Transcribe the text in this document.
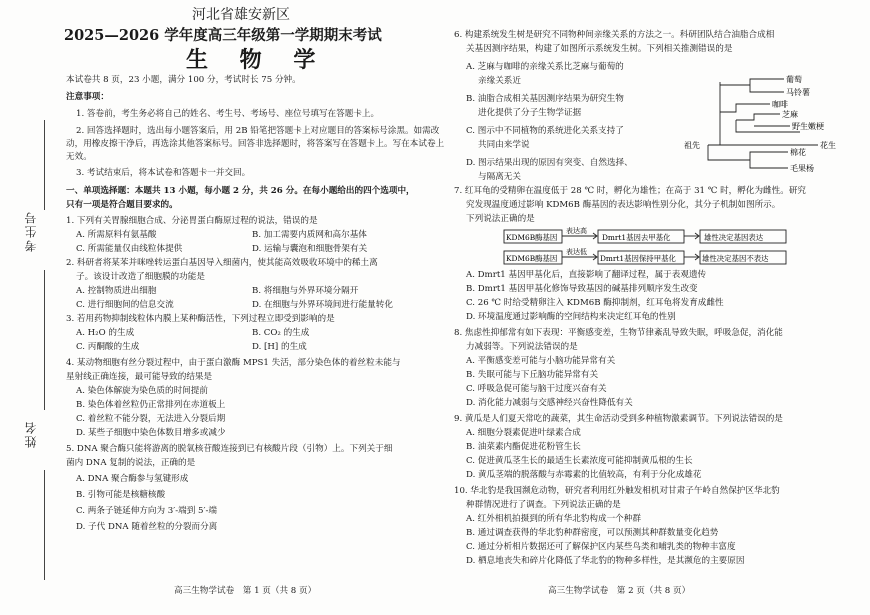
考生号
姓名
河北省雄安新区
2025—2026 学年度高三年级第一学期期末考试
生 物 学
本试卷共 8 页，23 小题，满分 100 分，考试时长 75 分钟。
注意事项：
1. 答卷前，考生务必将自己的姓名、考生号、考场号、座位号填写在答题卡上。
2. 回答选择题时，选出每小题答案后，用 2B 铅笔把答题卡上对应题目的答案标号涂黑。如需改
动，用橡皮擦干净后，再选涂其他答案标号。回答非选择题时，将答案写在答题卡上。写在本试卷上
无效。
3. 考试结束后，将本试卷和答题卡一并交回。
一、单项选择题：本题共 13 小题，每小题 2 分，共 26 分。在每小题给出的四个选项中，
只有一项是符合题目要求的。
1. 下列有关胃腺细胞合成、分泌胃蛋白酶原过程的说法，错误的是
A. 所需原料有氨基酸	B. 加工需要内质网和高尔基体
C. 所需能量仅由线粒体提供	D. 运输与囊泡和细胞骨架有关
2. 科研者将某苯并咪唑转运蛋白基因导入细菌内，使其能高效吸收环境中的稀土离
子。该设计改造了细胞膜的功能是
A. 控制物质进出细胞	B. 将细胞与外界环境分隔开
C. 进行细胞间的信息交流	D. 在细胞与外界环境间进行能量转化
3. 若用药物抑制线粒体内膜上某种酶活性，下列过程立即受到影响的是
A. H₂O 的生成	B. CO₂ 的生成
C. 丙酮酸的生成	D. [H] 的生成
4. 某动物细胞有丝分裂过程中，由于蛋白激酶 MPS1 失活，部分染色体的着丝粒未能与
星射线正确连接，最可能导致的结果是
A. 染色体解旋为染色质的时间提前
B. 染色体着丝粒仍正常排列在赤道板上
C. 着丝粒不能分裂，无法进入分裂后期
D. 某些子细胞中染色体数目增多或减少
5. DNA 聚合酶只能将游离的脱氧核苷酸连接到已有核酸片段（引物）上。下列关于细
菌内 DNA 复制的说法，正确的是
A. DNA 聚合酶参与氢键形成
B. 引物可能是核糖核酸
C. 两条子链延伸方向为 3′-端到 5′-端
D. 子代 DNA 随着丝粒的分裂而分离
高三生物学试卷　第 1 页（共 8 页）
6. 构建系统发生树是研究不同物种间亲缘关系的方法之一。科研团队结合油脂合成相
关基因测序结果，构建了如图所示系统发生树。下列相关推测错误的是
A. 芝麻与咖啡的亲缘关系比芝麻与葡萄的
亲缘关系近
B. 油脂合成相关基因测序结果为研究生物
进化提供了分子生物学证据
C. 图示中不同植物的系统进化关系支持了
共同由来学说
D. 图示结果出现的原因有突变、自然选择、
与隔离无关
葡萄
马铃薯
咖啡
芝麻
野生嫩梗
花生
棉花
毛果杨
祖先
7. 红耳龟的受精卵在温度低于 28 ℃ 时，孵化为雄性；在高于 31 ℃ 时，孵化为雌性。研究
究发现温度通过影响 KDM6B 酶基因的表达影响性别分化，其分子机制如图所示。
下列说法正确的是
KDM6B酶基因
KDM6B酶基因
表达高
表达低
Dmrt1基因去甲基化
Dmrt1基因保持甲基化
雄性决定基因表达
雄性决定基因不表达
A. Dmrt1 基因甲基化后，直接影响了翻译过程，属于表观遗传
B. Dmrt1 基因甲基化修饰导致基因的碱基排列顺序发生改变
C. 26 ℃ 时给受精卵注入 KDM6B 酶抑制剂，红耳龟将发育成雌性
D. 环境温度通过影响酶的空间结构来决定红耳龟的性别
8. 焦虑性抑郁常有如下表现：平衡感变差，生物节律紊乱导致失眠，呼吸急促，消化能
力减弱等。下列说法错误的是
A. 平衡感变差可能与小脑功能异常有关
B. 失眠可能与下丘脑功能异常有关
C. 呼吸急促可能与脑干过度兴奋有关
D. 消化能力减弱与交感神经兴奋性降低有关
9. 黄瓜是人们夏天常吃的蔬菜，其生命活动受到多种植物激素调节。下列说法错误的是
A. 细胞分裂素促进叶绿素合成
B. 油菜素内酯促进花粉管生长
C. 促进黄瓜茎生长的最适生长素浓度可能抑制黄瓜根的生长
D. 黄瓜茎端的脱落酸与赤霉素的比值较高，有利于分化成雄花
10. 华北豹是我国濒危动物，研究者利用红外触发相机对甘肃子午岭自然保护区华北豹
种群情况进行了调查。下列说法正确的是
A. 红外相机拍摄到的所有华北豹构成一个种群
B. 通过调查获得的华北豹种群密度，可以预测其种群数量变化趋势
C. 通过分析相片数据还可了解保护区内某些鸟类和哺乳类的物种丰富度
D. 栖息地丧失和碎片化降低了华北豹的物种多样性，是其濒危的主要原因
高三生物学试卷　第 2 页（共 8 页）
